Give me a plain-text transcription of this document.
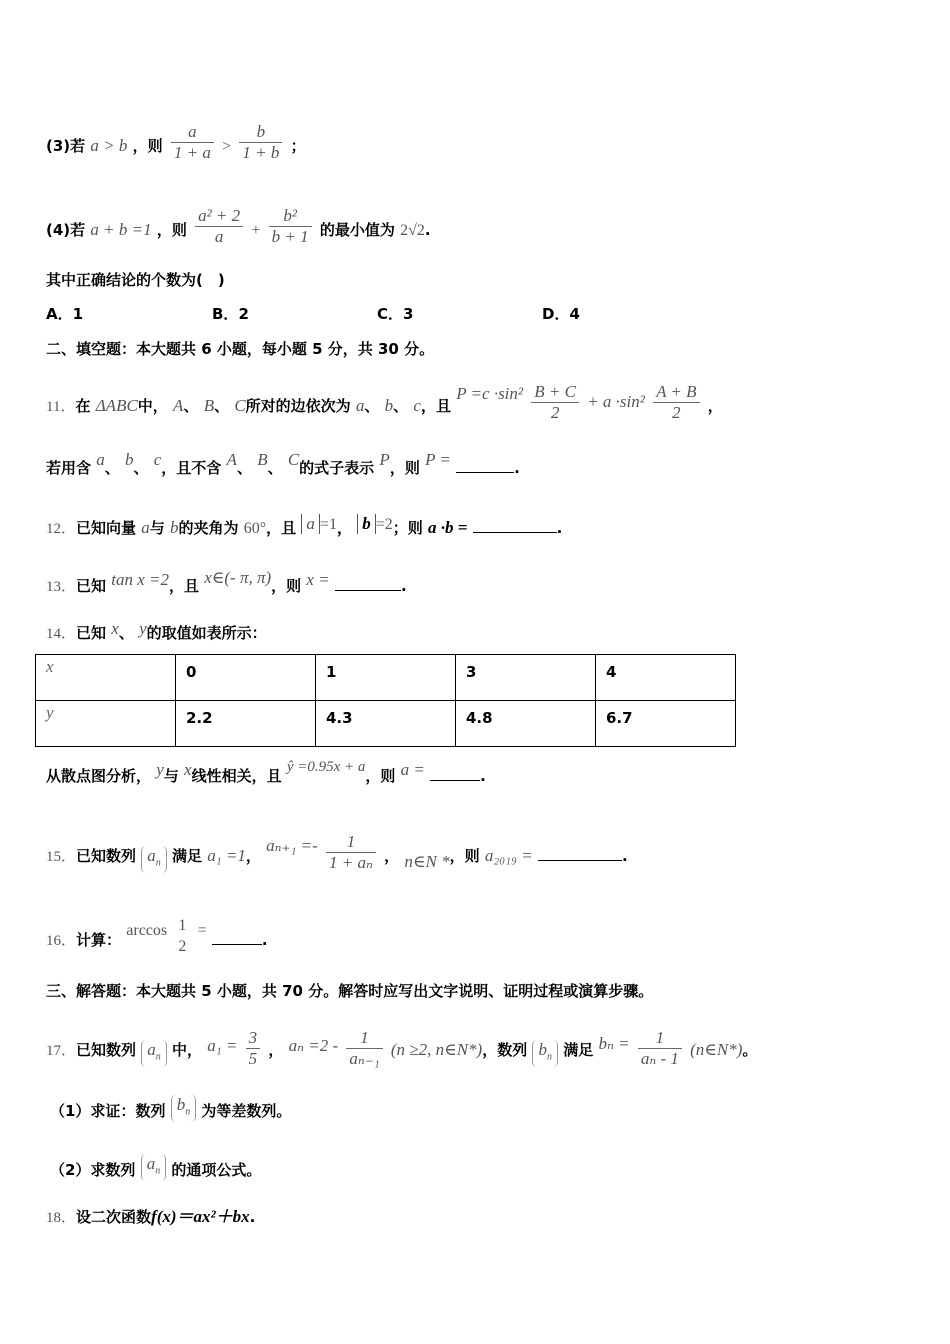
(3)若 a > b ，则 $\frac{a}{1 + a} > \frac{b}{1 + b}$ ；
(4)若 a + b =1 ，则 $\frac{\text{a² + 2}}{a} + \frac{\text{b²}}{b + 1}$ 的最小值为 2√2.
其中正确结论的个数为(　)
A．1	B．2	C．3	D．4
二、填空题：本大题共 6 小题，每小题 5 分，共 30 分。
11．在 ΔABC中， A、 B、 C所对的边依次为 a、 b、 c，且 $P =c \cdot\sin^2 \frac{B + C}{2} + a \cdot\sin^2 \frac{A + B}{2}$ ，
若用含 a、 b、 c，且不含 A、 B、 C的式子表示 P，则 P =	.
12．已知向量 a与 b的夹角为 60°，且 a =1， b =2；则 a ·b =	.
13．已知 tan x =2，且 x∈(- π, π)，则 x =	.
14．已知 x、 y的取值如表所示：
x	0	1	3	4
y	2.2	4.3	4.8	6.7
从散点图分析， y与 x线性相关，且 ŷ =0.95x + a，则 a =	.
15．已知数列 $a_n$ 满足 a₁ =1， $a_{n+1} =- \frac{1}{\text{1 + aₙ}}$ ， n∈N *，则 a₂₀₁₉ =	.
16．计算： $\arccos \frac{1}{2}$ = .
三、解答题：本大题共 5 小题，共 70 分。解答时应写出文字说明、证明过程或演算步骤。
17．已知数列 $a_n$ 中， $a_1 = \frac{3}{5}$ ， $a_n =2 - \frac{1}{\text{aₙ₋₁}} (n \ge 2$, n∈N*)，数列 $b_n$ 满足 $b_n = \frac{1}{\text{aₙ - 1}}$ (n∈N*)。
（1）求证：数列 $b_n$ 为等差数列。
（2）求数列 $a_n$ 的通项公式。
18．设二次函数f(x)＝ax²＋bx.
